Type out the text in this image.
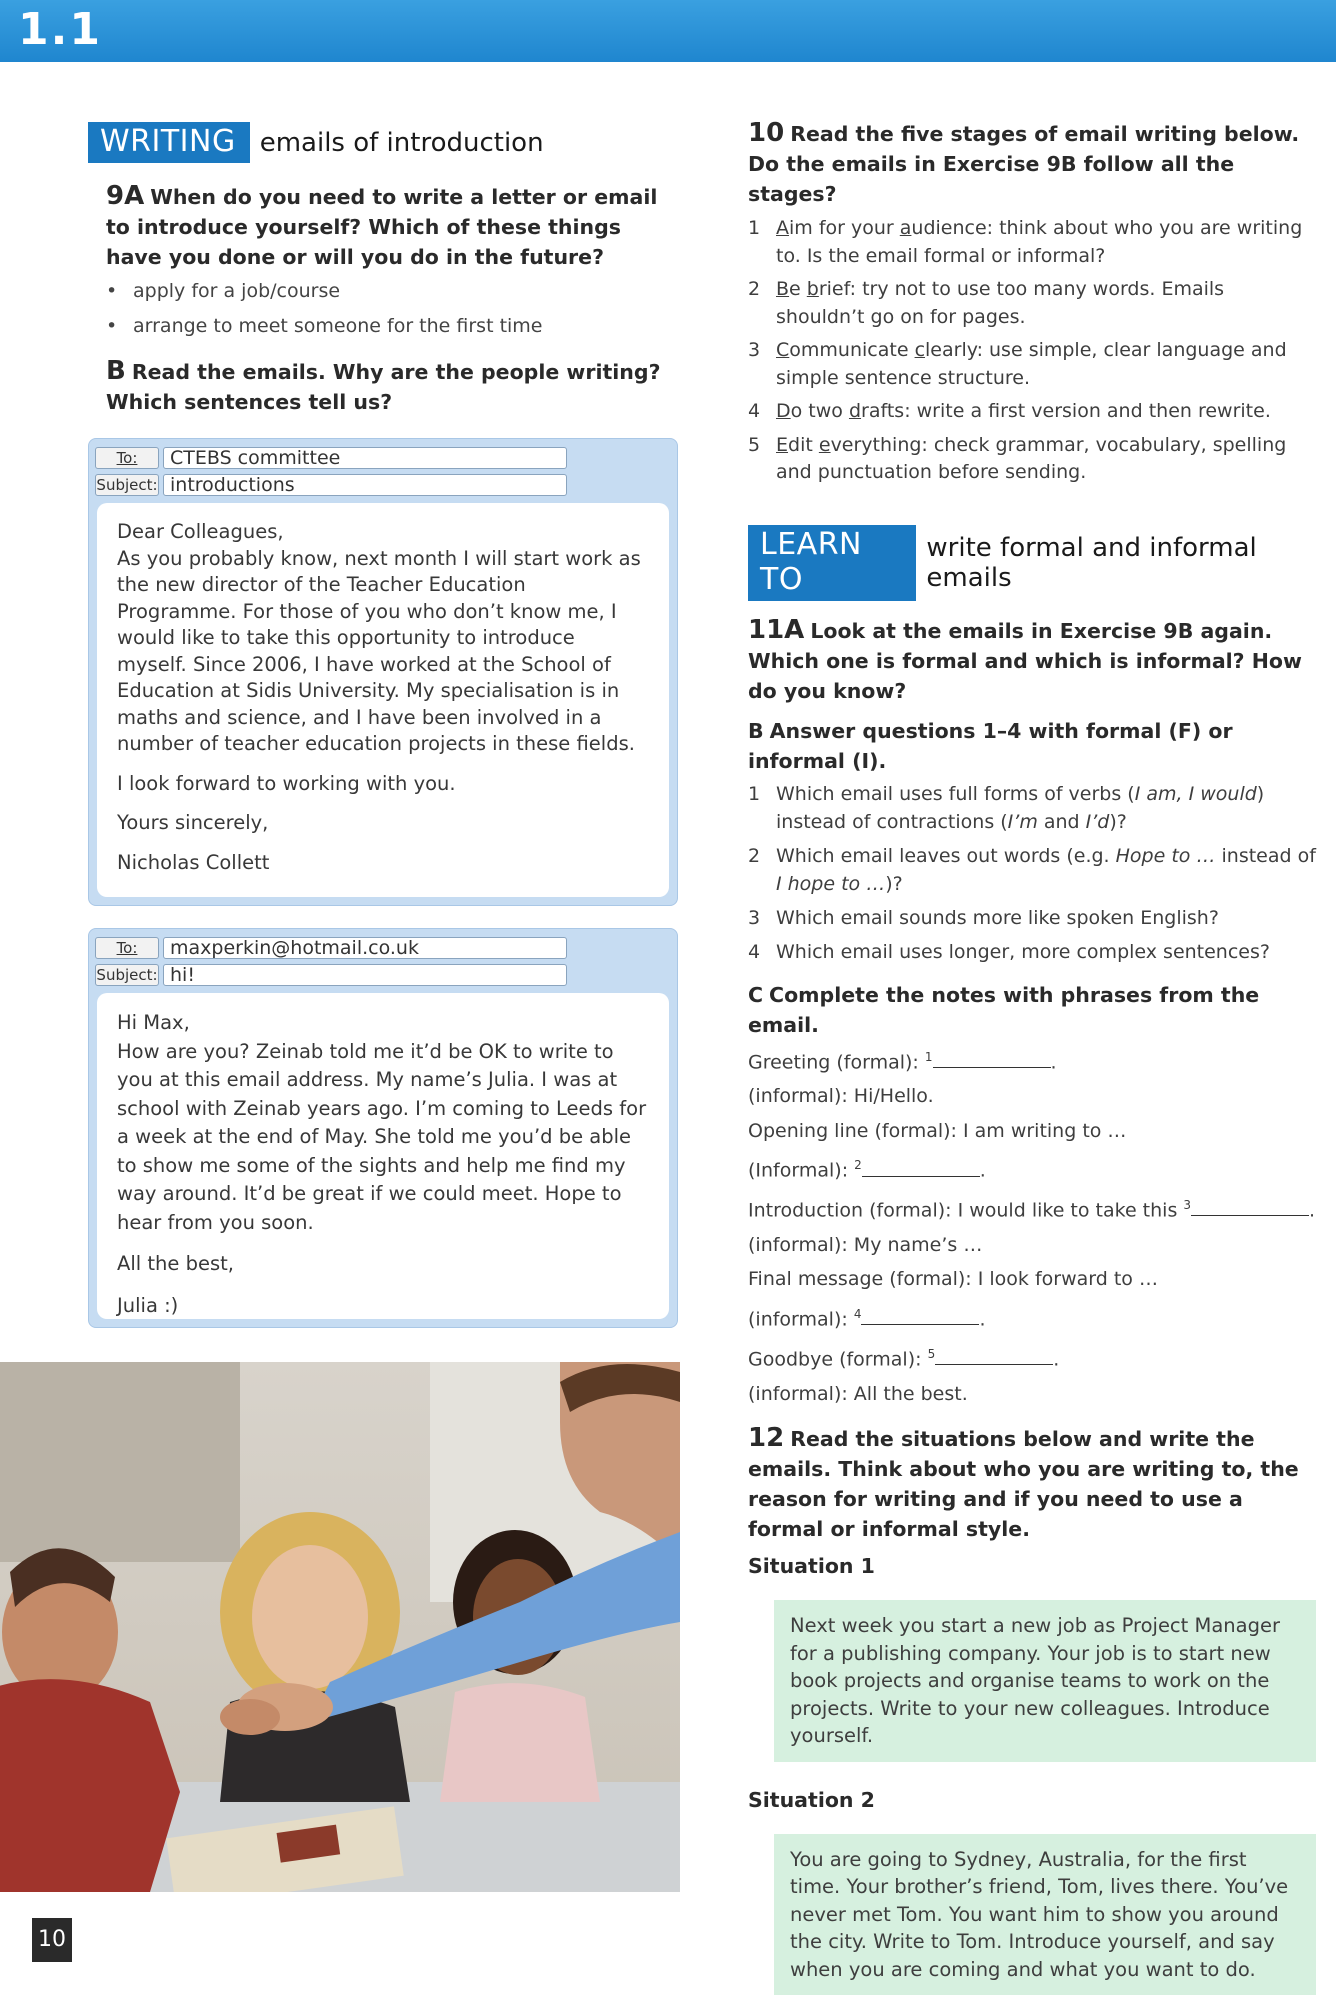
1.1
WRITING emails of introduction
9A When do you need to write a letter or email to introduce yourself? Which of these things have you done or will you do in the future?
• apply for a job/course
• arrange to meet someone for the first time
B Read the emails. Why are the people writing? Which sentences tell us?
To:	CTEBS committee
Subject: introductions
Dear Colleagues,

As you probably know, next month I will start work as the new director of the Teacher Education Programme. For those of you who don’t know me, I would like to take this opportunity to introduce myself. Since 2006, I have worked at the School of Education at Sidis University. My specialisation is in maths and science, and I have been involved in a number of teacher education projects in these fields.

I look forward to working with you.

Yours sincerely,

Nicholas Collett

To:	maxperkin@hotmail.co.uk
Subject: hi!
Hi Max,

How are you? Zeinab told me it’d be OK to write to you at this email address. My name’s Julia. I was at school with Zeinab years ago. I’m coming to Leeds for a week at the end of May. She told me you’d be able to show me some of the sights and help me find my way around. It’d be great if we could meet. Hope to hear from you soon.

All the best,

Julia :)

10
10 Read the five stages of email writing below. Do the emails in Exercise 9B follow all the stages?
1 Aim for your audience: think about who you are writing to. Is the email formal or informal?
2 Be brief: try not to use too many words. Emails shouldn’t go on for pages.
3 Communicate clearly: use simple, clear language and simple sentence structure.
4 Do two drafts: write a first version and then rewrite.
5 Edit everything: check grammar, vocabulary, spelling and punctuation before sending.
LEARN TO
write formal and informal emails
11A Look at the emails in Exercise 9B again. Which one is formal and which is informal? How do you know?
B Answer questions 1–4 with formal (F) or informal (I).
1 Which email uses full forms of verbs (I am, I would) instead of contractions (I’m and I’d)?
2 Which email leaves out words (e.g. Hope to … instead of I hope to …)?
3 Which email sounds more like spoken English?
4 Which email uses longer, more complex sentences?
C Complete the notes with phrases from the email.
Greeting (formal): $^1$	.
(informal): Hi/Hello.
Opening line (formal): I am writing to …
(Informal): $^2$	.
Introduction (formal): I would like to take this $^3$	.
(informal): My name’s …
Final message (formal): I look forward to …
(informal): $^4$	.
Goodbye (formal): $^5$	.
(informal): All the best.
12 Read the situations below and write the emails. Think about who you are writing to, the reason for writing and if you need to use a formal or informal style.
Situation 1
Next week you start a new job as Project Manager for a publishing company. Your job is to start new book projects and organise teams to work on the projects. Write to your new colleagues. Introduce yourself.
Situation 2
You are going to Sydney, Australia, for the first time. Your brother’s friend, Tom, lives there. You’ve never met Tom. You want him to show you around the city. Write to Tom. Introduce yourself, and say when you are coming and what you want to do.
